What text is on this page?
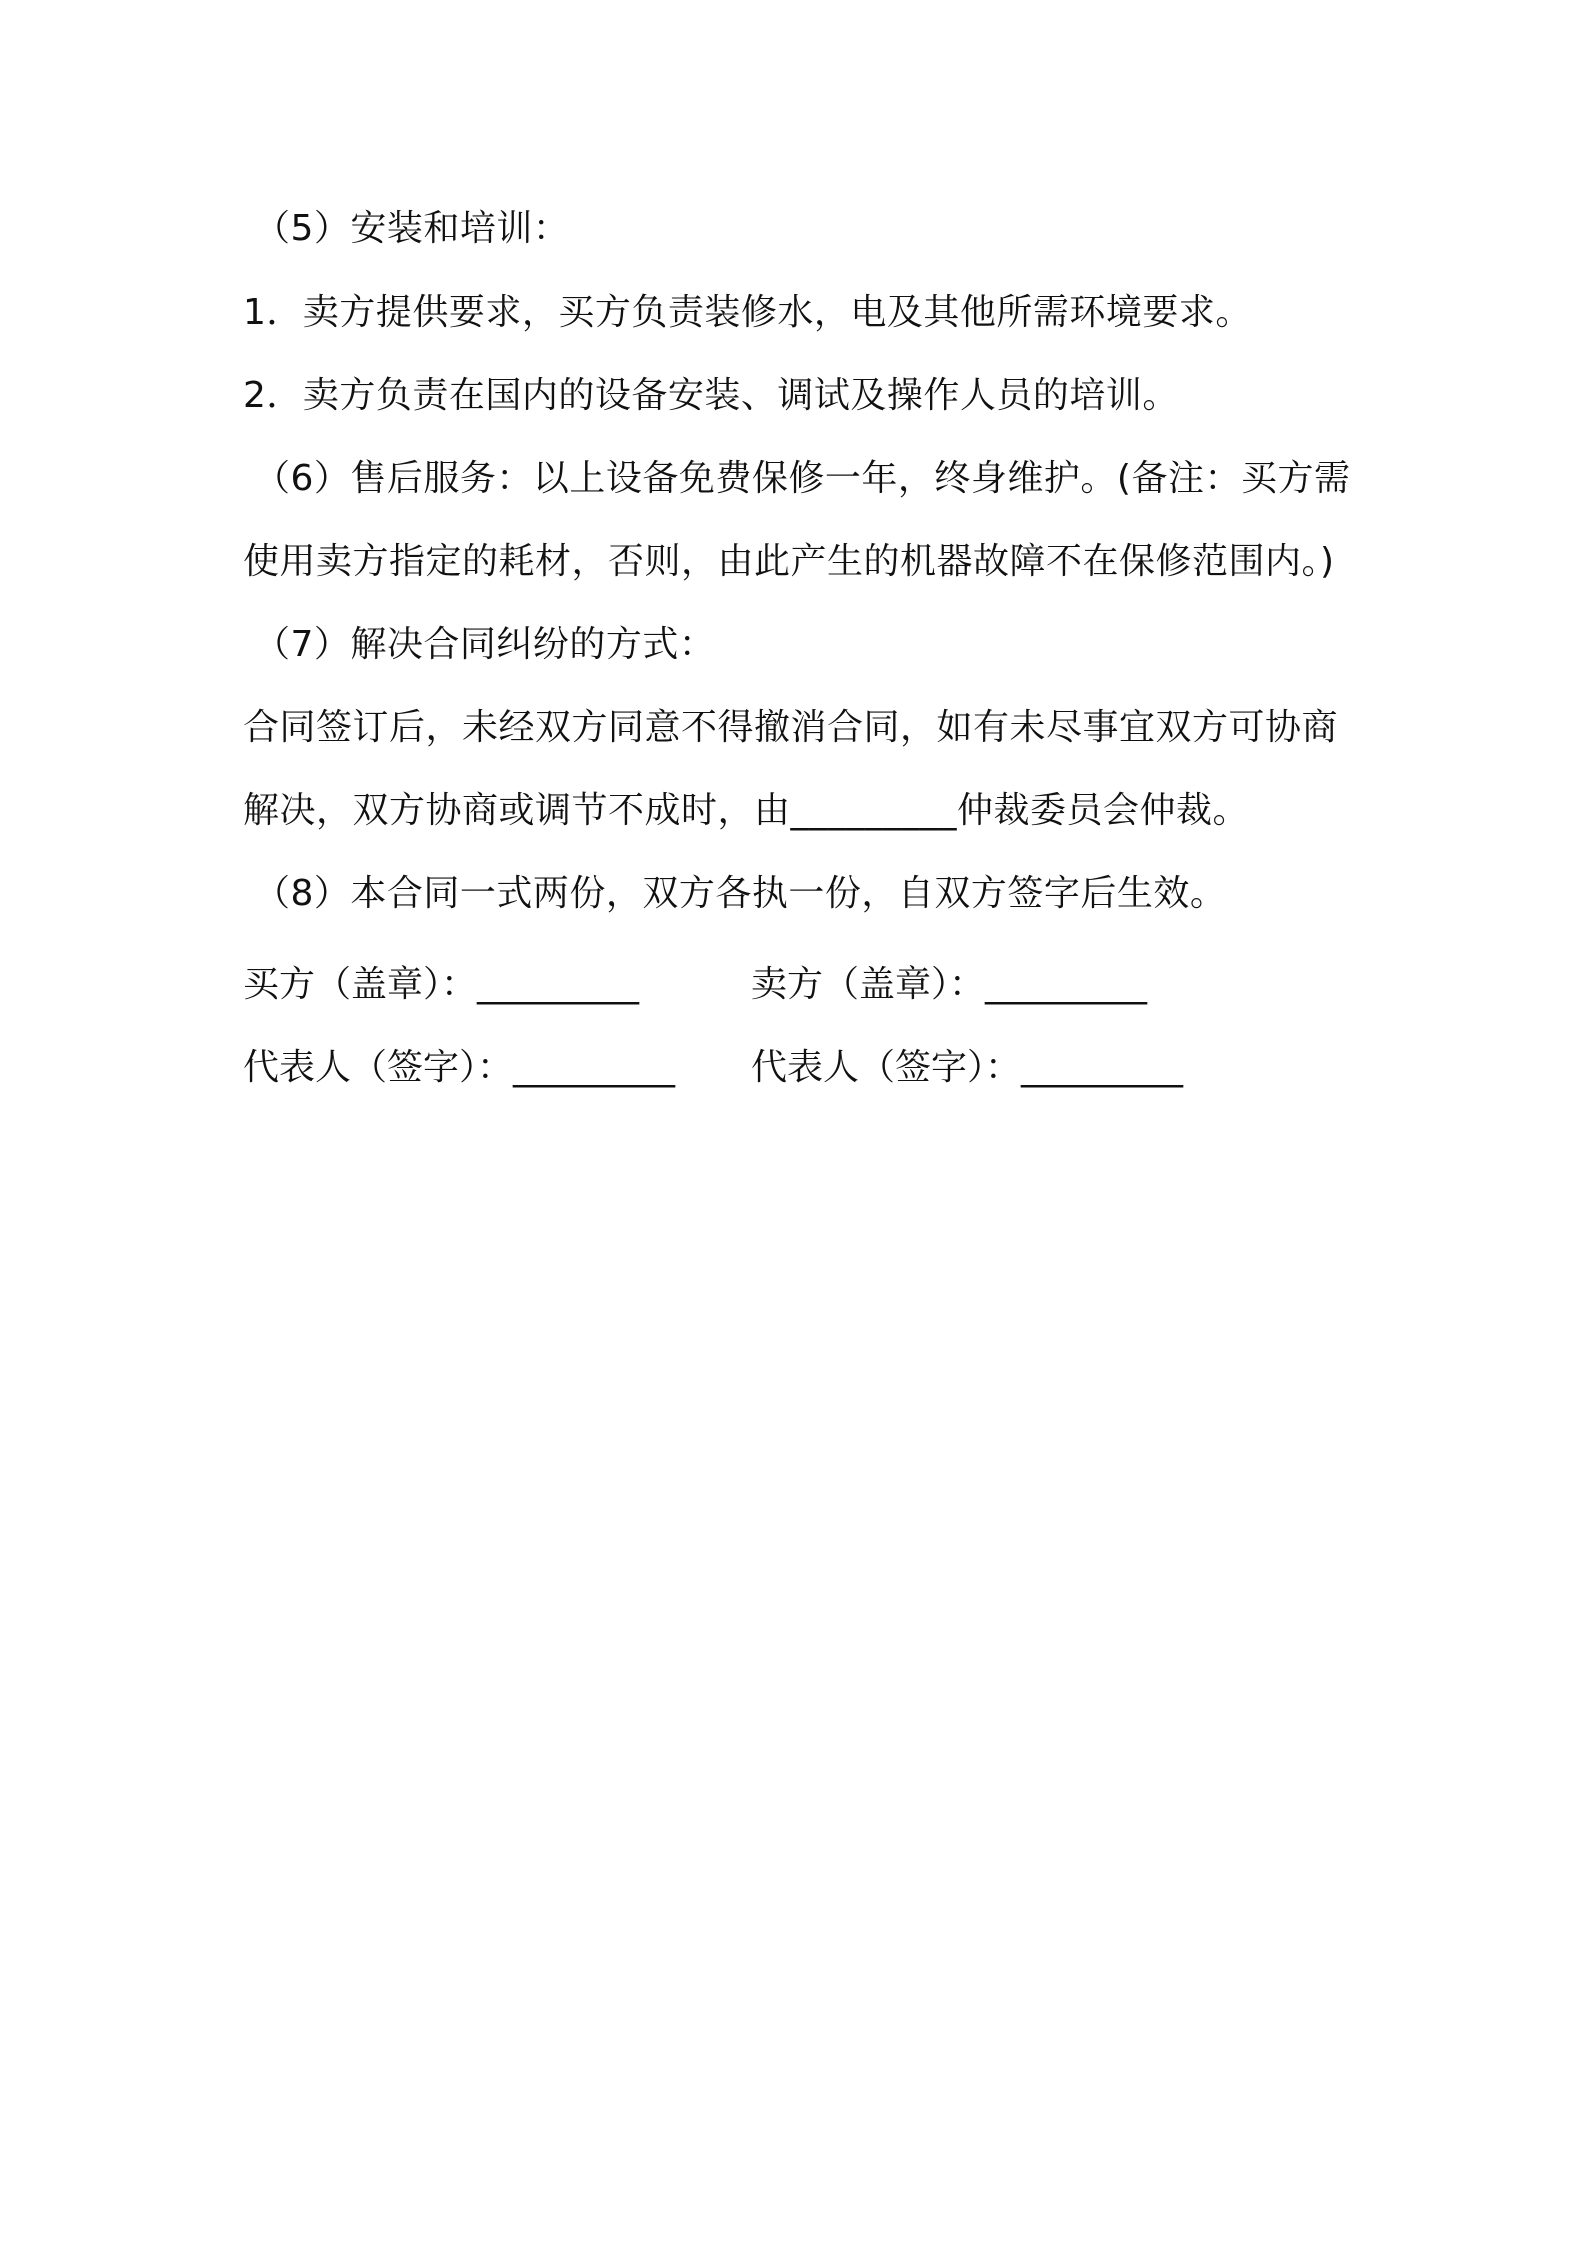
（5）安装和培训：
1．卖方提供要求，买方负责装修水，电及其他所需环境要求。
2．卖方负责在国内的设备安装、调试及操作人员的培训。
（6）售后服务：以上设备免费保修一年，终身维护。(备注：买方需
使用卖方指定的耗材，否则，由此产生的机器故障不在保修范围内。)
（7）解决合同纠纷的方式：
合同签订后，未经双方同意不得撤消合同，如有未尽事宜双方可协商
解决，双方协商或调节不成时，由_________仲裁委员会仲裁。
（8）本合同一式两份，双方各执一份，自双方签字后生效。
买方（盖章）：_________	卖方（盖章）：_________
代表人（签字）：_________ 代表人（签字）：_________
